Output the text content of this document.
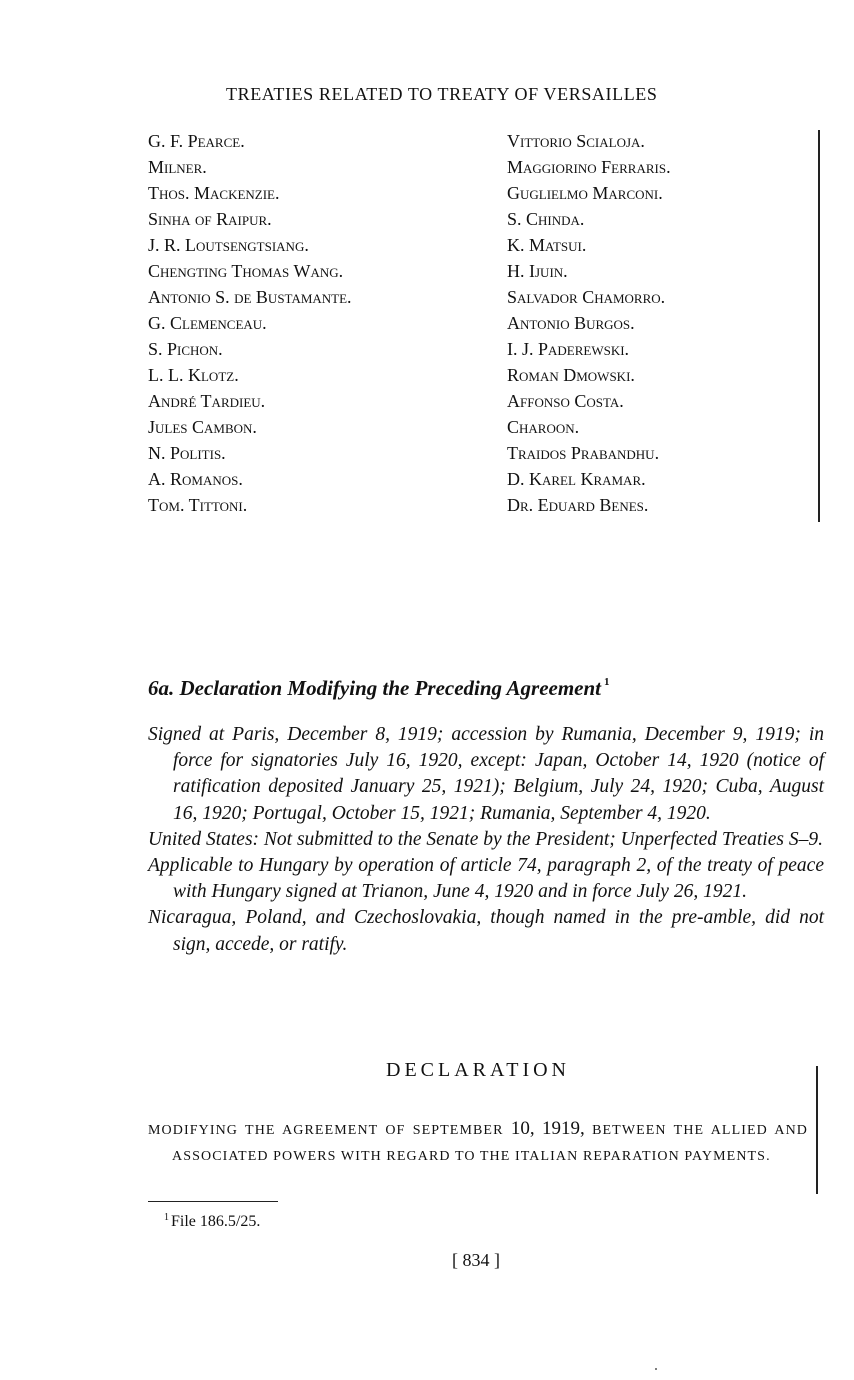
TREATIES RELATED TO TREATY OF VERSAILLES
G. F. Pearce.
Milner.
Thos. Mackenzie.
Sinha of Raipur.
J. R. Loutsengtsiang.
Chengting Thomas Wang.
Antonio S. de Bustamante.
G. Clemenceau.
S. Pichon.
L. L. Klotz.
André Tardieu.
Jules Cambon.
N. Politis.
A. Romanos.
Tom. Tittoni.
Vittorio Scialoja.
Maggiorino Ferraris.
Guglielmo Marconi.
S. Chinda.
K. Matsui.
H. Ijuin.
Salvador Chamorro.
Antonio Burgos.
I. J. Paderewski.
Roman Dmowski.
Affonso Costa.
Charoon.
Traidos Prabandhu.
D. Karel Kramar.
Dr. Eduard Benes.
6a. Declaration Modifying the Preceding Agreement $^1$

Signed at Paris, December 8, 1919; accession by Rumania, December 9, 1919; in force for signatories July 16, 1920, except: Japan, October 14, 1920 (notice of ratification deposited January 25, 1921); Belgium, July 24, 1920; Cuba, August 16, 1920; Portugal, October 15, 1921; Rumania, September 4, 1920.

United States: Not submitted to the Senate by the President; Unperfected Treaties S–9.

Applicable to Hungary by operation of article 74, paragraph 2, of the treaty of peace with Hungary signed at Trianon, June 4, 1920 and in force July 26, 1921.

Nicaragua, Poland, and Czechoslovakia, though named in the pre-amble, did not sign, accede, or ratify.

DECLARATION
MODIFYING THE AGREEMENT OF SEPTEMBER 10, 1919, BETWEEN THE ALLIED AND ASSOCIATED POWERS WITH REGARD TO THE ITALIAN REPARATION PAYMENTS.
$^1$ File 186.5/25.
[ 834 ]
